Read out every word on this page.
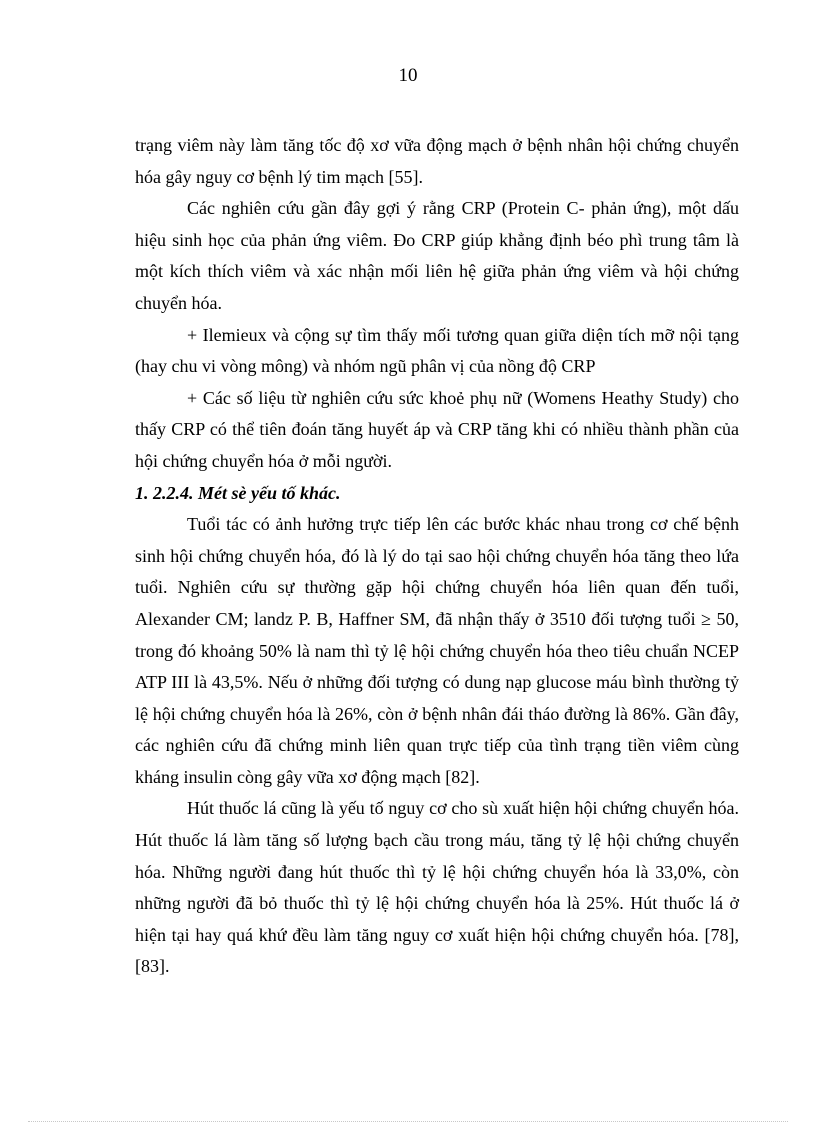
10

trạng viêm này làm tăng tốc độ xơ vữa động mạch ở bệnh nhân hội chứng chuyển hóa gây nguy cơ bệnh lý tim mạch [55].

Các nghiên cứu gần đây gợi ý rằng CRP (Protein C- phản ứng), một dấu hiệu sinh học của phản ứng viêm. Đo CRP giúp khẳng định béo phì trung tâm là một kích thích viêm và xác nhận mối liên hệ giữa phản ứng viêm và hội chứng chuyển hóa.

+ Ilemieux và cộng sự tìm thấy mối tương quan giữa diện tích mỡ nội tạng (hay chu vi vòng mông) và nhóm ngũ phân vị của nồng độ CRP

+ Các số liệu từ nghiên cứu sức khoẻ phụ nữ (Womens Heathy Study) cho thấy CRP có thể tiên đoán tăng huyết áp và CRP tăng khi có nhiều thành phần của hội chứng chuyển hóa ở mỗi người.

1. 2.2.4. Mét sè yếu tố khác.

Tuổi tác có ảnh hưởng trực tiếp lên các bước khác nhau trong cơ chế bệnh sinh hội chứng chuyển hóa, đó là lý do tại sao hội chứng chuyển hóa tăng theo lứa tuổi. Nghiên cứu sự thường gặp hội chứng chuyển hóa liên quan đến tuổi, Alexander CM; landz P. B, Haffner SM, đã nhận thấy ở 3510 đối tượng tuổi ≥ 50, trong đó khoảng 50% là nam thì tỷ lệ hội chứng chuyển hóa theo tiêu chuẩn NCEP ATP III là 43,5%. Nếu ở những đối tượng có dung nạp glucose máu bình thường tỷ lệ hội chứng chuyển hóa là 26%, còn ở bệnh nhân đái tháo đường là 86%. Gần đây, các nghiên cứu đã chứng minh liên quan trực tiếp của tình trạng tiền viêm cùng kháng insulin còng gây vữa xơ động mạch [82].

Hút thuốc lá cũng là yếu tố nguy cơ cho sù xuất hiện hội chứng chuyển hóa. Hút thuốc lá làm tăng số lượng bạch cầu trong máu, tăng tỷ lệ hội chứng chuyển hóa. Những người đang hút thuốc thì tỷ lệ hội chứng chuyển hóa là 33,0%, còn những người đã bỏ thuốc thì tỷ lệ hội chứng chuyển hóa là 25%. Hút thuốc lá ở hiện tại hay quá khứ đều làm tăng nguy cơ xuất hiện hội chứng chuyển hóa. [78], [83].
